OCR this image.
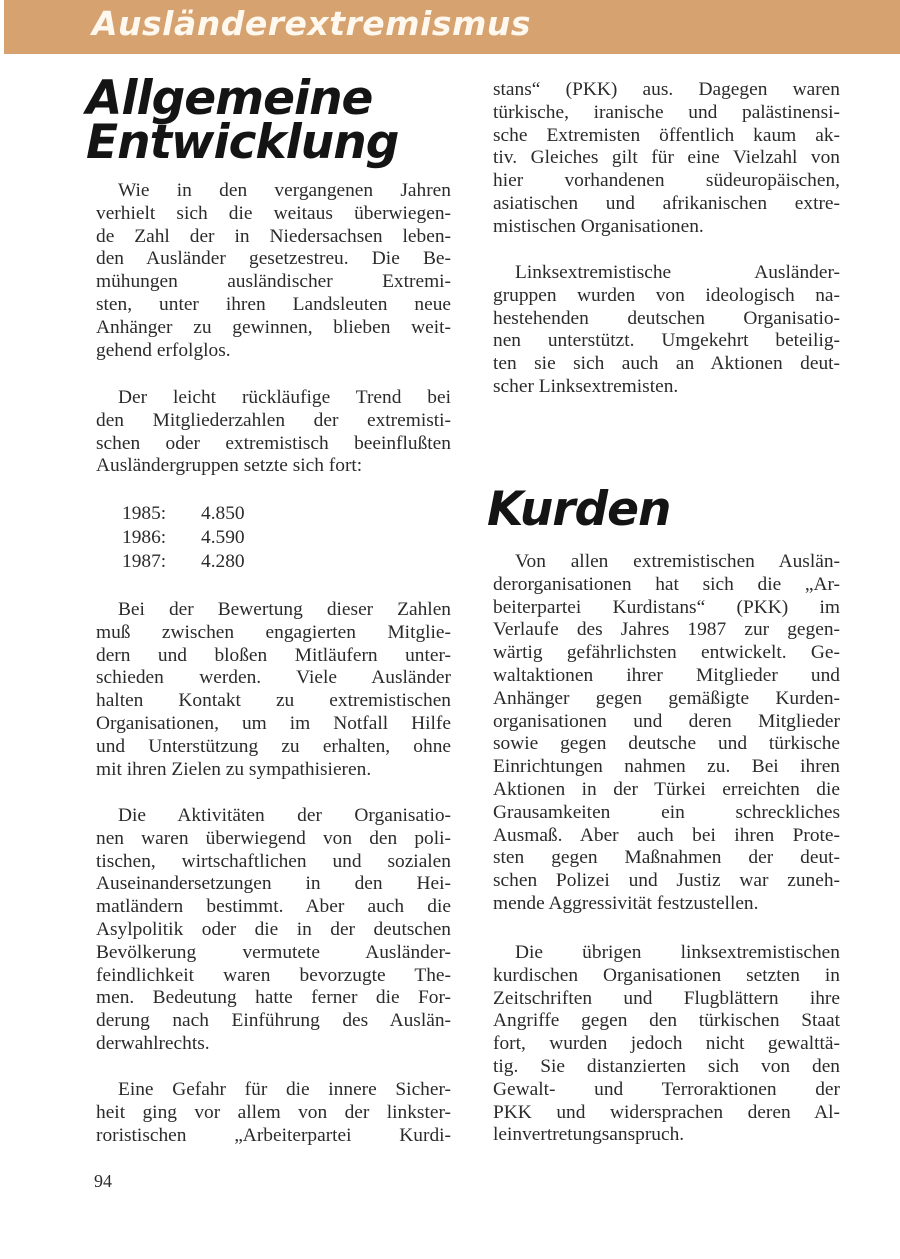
Ausländerextremismus
Allgemeine
Entwicklung
Wie in den vergangenen Jahren
verhielt sich die weitaus überwiegen-
de Zahl der in Niedersachsen leben-
den Ausländer gesetzestreu. Die Be-
mühungen ausländischer Extremi-
sten, unter ihren Landsleuten neue
Anhänger zu gewinnen, blieben weit-
gehend erfolglos.
Der leicht rückläufige Trend bei
den Mitgliederzahlen der extremisti-
schen oder extremistisch beeinflußten
Ausländergruppen setzte sich fort:
1985:	4.850
1986:	4.590
1987:	4.280
Bei der Bewertung dieser Zahlen
muß zwischen engagierten Mitglie-
dern und bloßen Mitläufern unter-
schieden werden. Viele Ausländer
halten Kontakt zu extremistischen
Organisationen, um im Notfall Hilfe
und Unterstützung zu erhalten, ohne
mit ihren Zielen zu sympathisieren.
Die Aktivitäten der Organisatio-
nen waren überwiegend von den poli-
tischen, wirtschaftlichen und sozialen
Auseinandersetzungen in den Hei-
matländern bestimmt. Aber auch die
Asylpolitik oder die in der deutschen
Bevölkerung vermutete Ausländer-
feindlichkeit waren bevorzugte The-
men. Bedeutung hatte ferner die For-
derung nach Einführung des Auslän-
derwahlrechts.
Eine Gefahr für die innere Sicher-
heit ging vor allem von der linkster-
roristischen „Arbeiterpartei Kurdi-
stans“ (PKK) aus. Dagegen waren
türkische, iranische und palästinensi-
sche Extremisten öffentlich kaum ak-
tiv. Gleiches gilt für eine Vielzahl von
hier vorhandenen südeuropäischen,
asiatischen und afrikanischen extre-
mistischen Organisationen.
Linksextremistische Ausländer-
gruppen wurden von ideologisch na-
hestehenden deutschen Organisatio-
nen unterstützt. Umgekehrt beteilig-
ten sie sich auch an Aktionen deut-
scher Linksextremisten.
Kurden
Von allen extremistischen Auslän-
derorganisationen hat sich die „Ar-
beiterpartei Kurdistans“ (PKK) im
Verlaufe des Jahres 1987 zur gegen-
wärtig gefährlichsten entwickelt. Ge-
waltaktionen ihrer Mitglieder und
Anhänger gegen gemäßigte Kurden-
organisationen und deren Mitglieder
sowie gegen deutsche und türkische
Einrichtungen nahmen zu. Bei ihren
Aktionen in der Türkei erreichten die
Grausamkeiten ein schreckliches
Ausmaß. Aber auch bei ihren Prote-
sten gegen Maßnahmen der deut-
schen Polizei und Justiz war zuneh-
mende Aggressivität festzustellen.
Die übrigen linksextremistischen
kurdischen Organisationen setzten in
Zeitschriften und Flugblättern ihre
Angriffe gegen den türkischen Staat
fort, wurden jedoch nicht gewalttä-
tig. Sie distanzierten sich von den
Gewalt- und Terroraktionen der
PKK und widersprachen deren Al-
leinvertretungsanspruch.
94
